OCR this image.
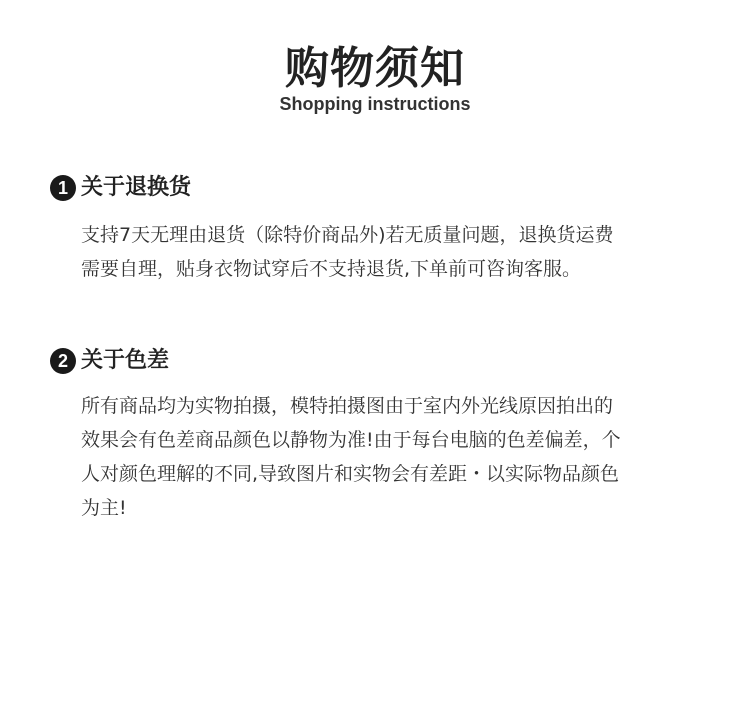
购物须知
Shopping instructions
1 关于退换货
支持7天无理由退货（除特价商品外)若无质量问题，退换货运费
需要自理，贴身衣物试穿后不支持退货,下单前可咨询客服。
2 关于色差
所有商品均为实物拍摄，模特拍摄图由于室内外光线原因拍出的
效果会有色差商品颜色以静物为准!由于每台电脑的色差偏差，个
人对颜色理解的不同,导致图片和实物会有差距・以实际物品颜色
为主!
